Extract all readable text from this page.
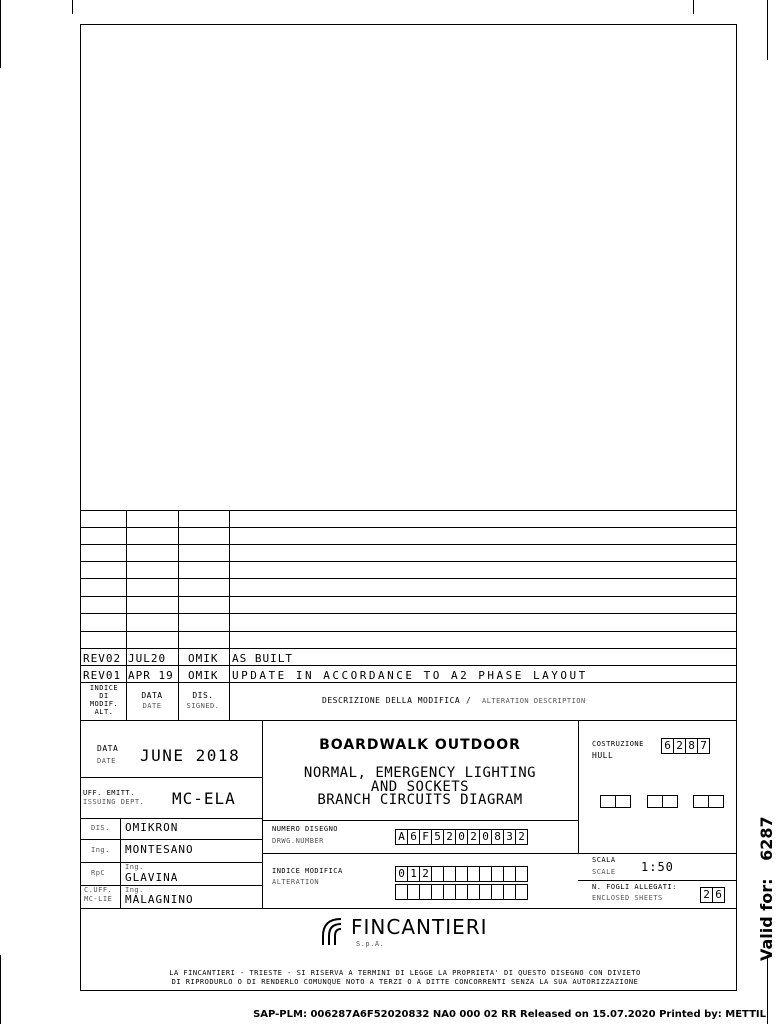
REV02 JUL20 OMIK AS BUILT
REV01 APR 19 OMIK UPDATE IN ACCORDANCE TO A2 PHASE LAYOUT
INDICE
DI
MODIF.
ALT.
DATA
DATE
DIS.
SIGNED.
DESCRIZIONE DELLA MODIFICA / ALTERATION DESCRIPTION
DATA
DATE JUNE 2018
UFF. EMITT.
ISSUING DEPT. MC-ELA
DIS. OMIKRON
Ing. MONTESANO
RpC
Ing.
GLAVINA
C.UFF.
MC-LIE
Ing.
MALAGNINO
BOARDWALK OUTDOOR
NORMAL, EMERGENCY LIGHTING
AND SOCKETS
BRANCH CIRCUITS DIAGRAM
NUMERO DISEGNO
DRWG.NUMBER	A 6 F 5 2 0 2 0 8 3 2
INDICE MODIFICA
ALTERATION
0 1 2
COSTRUZIONE
HULL
6 2 8 7
SCALA
SCALE 1:50
N. FOGLI ALLEGATI:
ENCLOSED SHEETS	2 6
FINCANTIERI
S.p.A.
LA FINCANTIERI - TRIESTE - SI RISERVA A TERMINI DI LEGGE LA PROPRIETA' DI QUESTO DISEGNO CON DIVIETO
DI RIPRODURLO O DI RENDERLO COMUNQUE NOTO A TERZI O A DITTE CONCORRENTI SENZA LA SUA AUTORIZZAZIONE
Valid for: 6287
SAP-PLM: 006287A6F52020832 NA0 000 02 RR Released on 15.07.2020 Printed by: METTIL
